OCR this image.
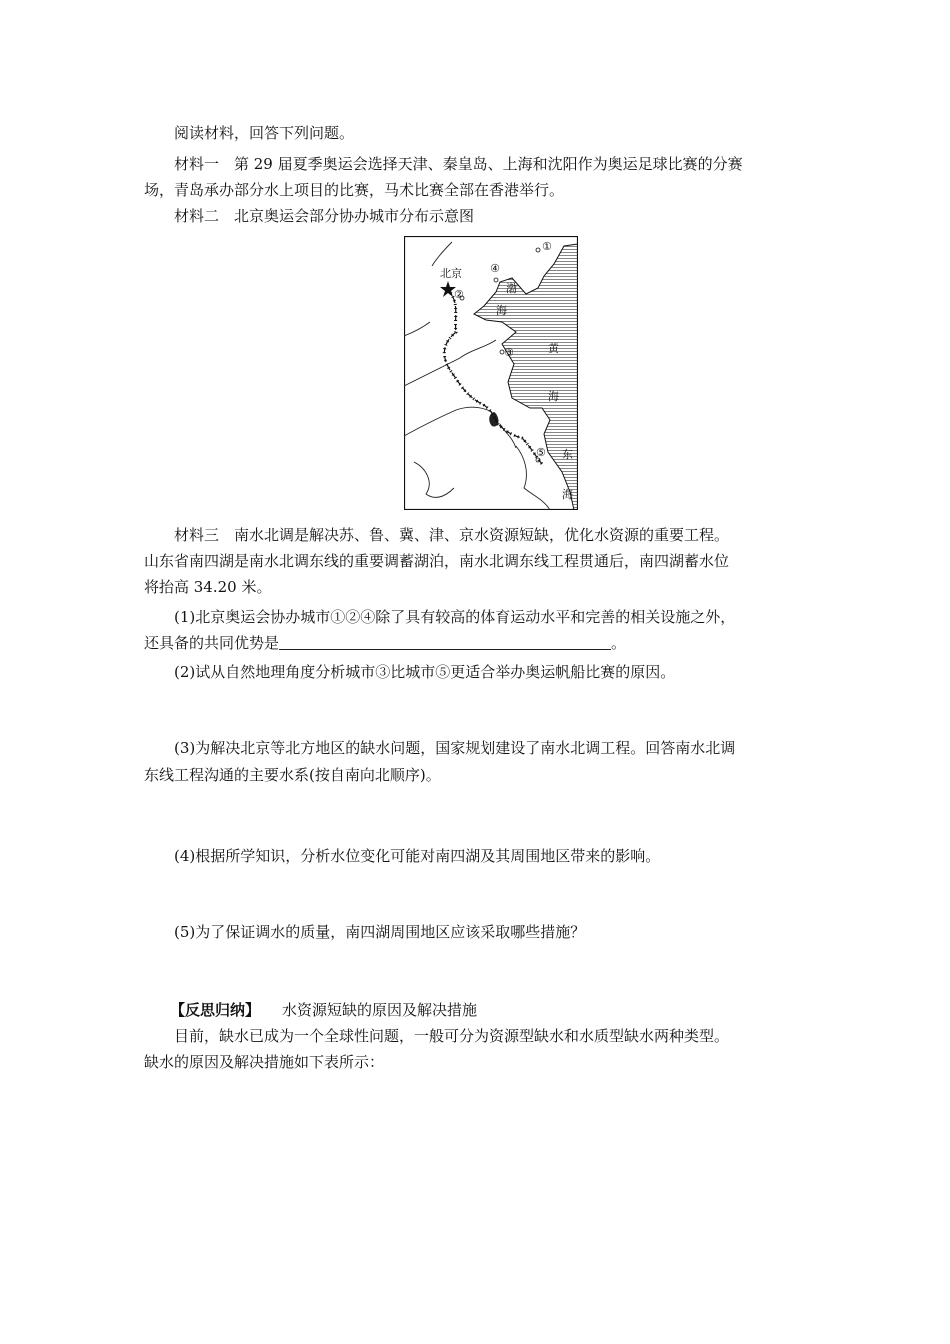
阅读材料，回答下列问题。
材料一　第 29 届夏季奥运会选择天津、秦皇岛、上海和沈阳作为奥运足球比赛的分赛
场，青岛承办部分水上项目的比赛，马术比赛全部在香港举行。
材料二　北京奥运会部分协办城市分布示意图
北京
①
②
③
④
⑤
渤
海
黄
海
东
海
材料三　南水北调是解决苏、鲁、冀、津、京水资源短缺，优化水资源的重要工程。
山东省南四湖是南水北调东线的重要调蓄湖泊，南水北调东线工程贯通后，南四湖蓄水位
将抬高 34.20 米。
(1)北京奥运会协办城市①②④除了具有较高的体育运动水平和完善的相关设施之外，
还具备的共同优势是	。
(2)试从自然地理角度分析城市③比城市⑤更适合举办奥运帆船比赛的原因。
(3)为解决北京等北方地区的缺水问题，国家规划建设了南水北调工程。回答南水北调
东线工程沟通的主要水系(按自南向北顺序)。
(4)根据所学知识，分析水位变化可能对南四湖及其周围地区带来的影响。
(5)为了保证调水的质量，南四湖周围地区应该采取哪些措施？
【反思归纳】 水资源短缺的原因及解决措施
目前，缺水已成为一个全球性问题，一般可分为资源型缺水和水质型缺水两种类型。
缺水的原因及解决措施如下表所示：
